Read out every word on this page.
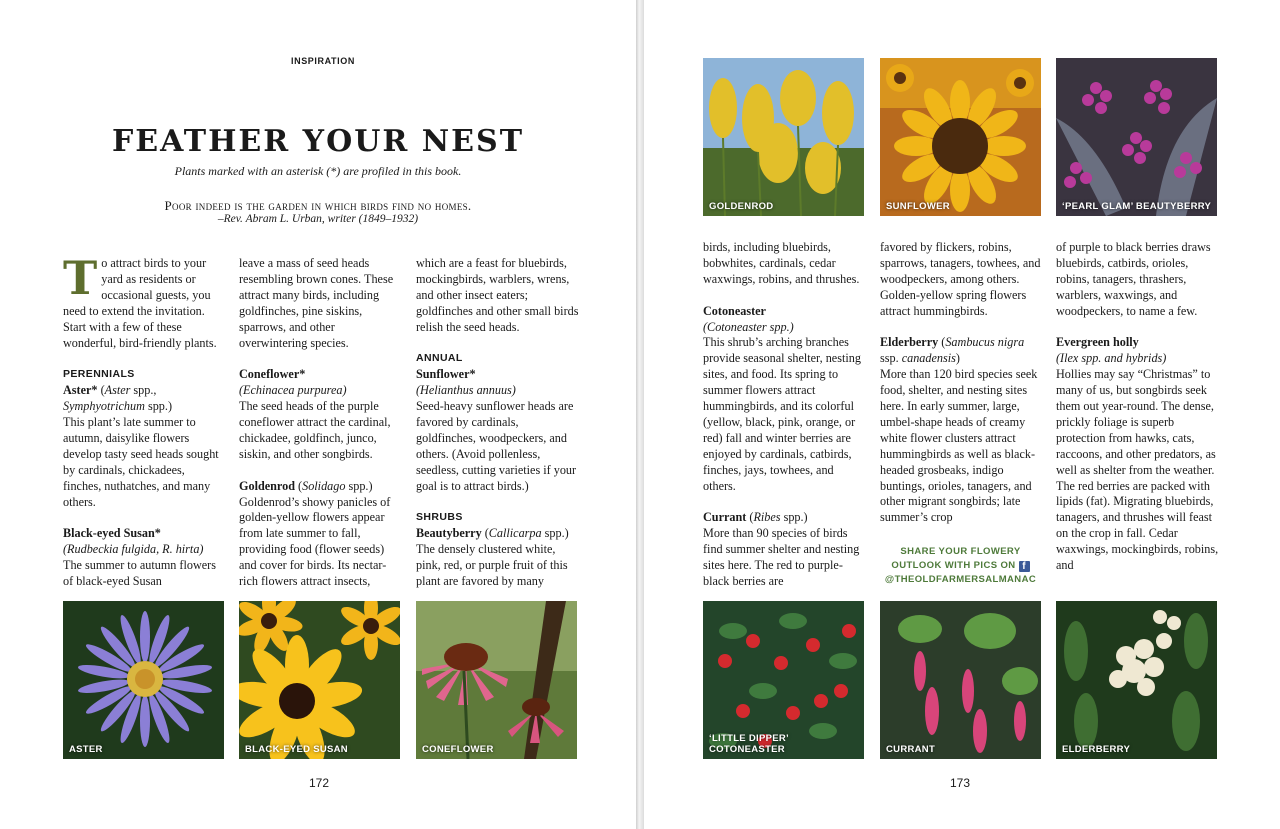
INSPIRATION
FEATHER YOUR NEST
Plants marked with an asterisk (*) are profiled in this book.
Poor indeed is the garden in which birds find no homes.
–Rev. Abram L. Urban, writer (1849–1932)

To attract birds to your yard as residents or occasional guests, you need to extend the invitation. Start with a few of these wonderful, bird-friendly plants.

PERENNIALS

Aster* (Aster spp.,
Symphyotrichum spp.)

This plant’s late summer to autumn, daisylike flowers develop tasty seed heads sought by cardinals, chickadees, finches, nuthatches, and many others.

Black-eyed Susan*

(Rudbeckia fulgida, R. hirta)

The summer to autumn flowers of black-eyed Susan

leave a mass of seed heads resembling brown cones. These attract many birds, including goldfinches, pine siskins, sparrows, and other overwintering species.

Coneflower*

(Echinacea purpurea)

The seed heads of the purple coneflower attract the cardinal, chickadee, goldfinch, junco, siskin, and other songbirds.

Goldenrod (Solidago spp.)

Goldenrod’s showy panicles of golden-yellow flowers appear from late summer to fall, providing food (flower seeds) and cover for birds. Its nectar-rich flowers attract insects,

which are a feast for bluebirds, mockingbirds, warblers, wrens, and other insect eaters; goldfinches and other small birds relish the seed heads.

ANNUAL

Sunflower*

(Helianthus annuus)

Seed-heavy sunflower heads are favored by cardinals, goldfinches, woodpeckers, and others. (Avoid pollenless, seedless, cutting varieties if your goal is to attract birds.)

SHRUBS

Beautyberry (Callicarpa spp.)

The densely clustered white, pink, red, or purple fruit of this plant are favored by many

ASTER	BLACK-EYED SUSAN	CONEFLOWER
172
GOLDENROD	SUNFLOWER	‘PEARL GLAM’ BEAUTYBERRY

birds, including bluebirds, bobwhites, cardinals, cedar waxwings, robins, and thrushes.

Cotoneaster

(Cotoneaster spp.)

This shrub’s arching branches provide seasonal shelter, nesting sites, and food. Its spring to summer flowers attract hummingbirds, and its colorful (yellow, black, pink, orange, or red) fall and winter berries are enjoyed by cardinals, catbirds, finches, jays, towhees, and others.

Currant (Ribes spp.)

More than 90 species of birds find summer shelter and nesting sites here. The red to purple-black berries are

favored by flickers, robins, sparrows, tanagers, towhees, and woodpeckers, among others. Golden-yellow spring flowers attract hummingbirds.

Elderberry (Sambucus nigra
ssp. canadensis)

More than 120 bird species seek food, shelter, and nesting sites here. In early summer, large, umbel-shape heads of creamy white flower clusters attract hummingbirds as well as black-headed grosbeaks, indigo buntings, orioles, tanagers, and other migrant songbirds; late summer’s crop

of purple to black berries draws bluebirds, catbirds, orioles, robins, tanagers, thrashers, warblers, waxwings, and woodpeckers, to name a few.

Evergreen holly

(Ilex spp. and hybrids)

Hollies may say “Christmas” to many of us, but songbirds seek them out year-round. The dense, prickly foliage is superb protection from hawks, cats, raccoons, and other predators, as well as shelter from the weather. The red berries are packed with lipids (fat). Migrating bluebirds, tanagers, and thrushes will feast on the crop in fall. Cedar waxwings, mockingbirds, robins, and

‘LITTLE DIPPER’ COTONEASTER	CURRANT	ELDERBERRY
173
SHARE YOUR FLOWERY
OUTLOOK WITH PICS ON f
@THEOLDFARMERSALMANAC
